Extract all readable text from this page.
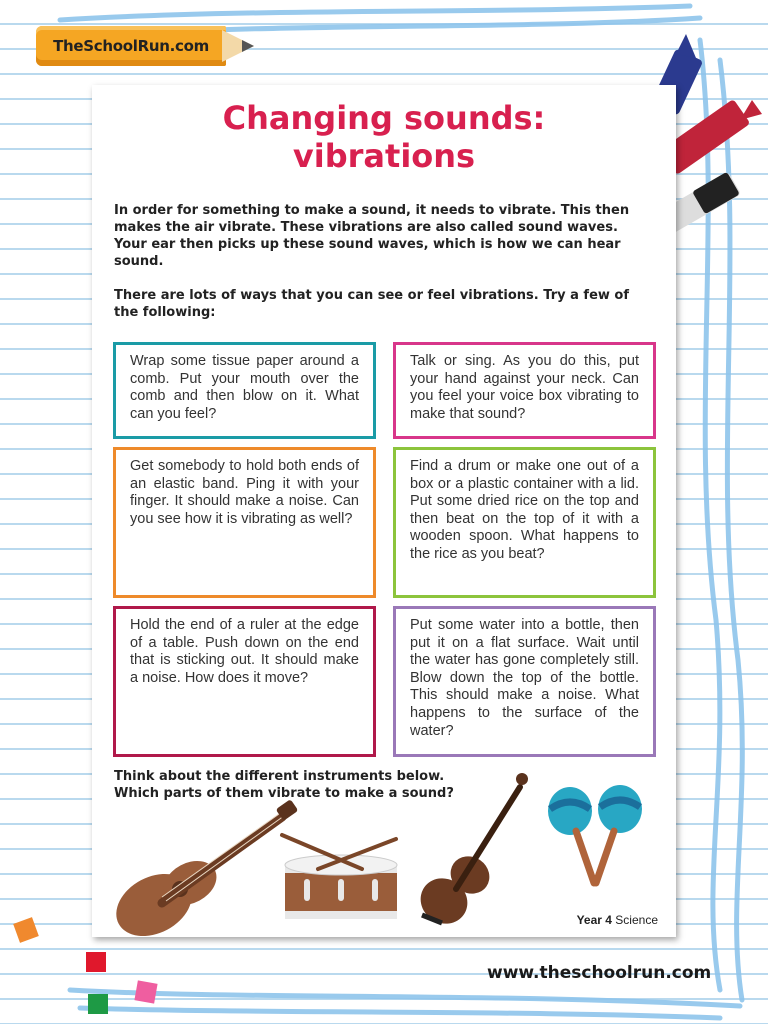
TheSchoolRun.com
Changing sounds:
vibrations

In order for something to make a sound, it needs to vibrate. This then makes the air vibrate. These vibrations are also called sound waves. Your ear then picks up these sound waves, which is how we can hear sound.

There are lots of ways that you can see or feel vibrations. Try a few of the following:

Wrap some tissue paper around a comb. Put your mouth over the comb and then blow on it. What can you feel?
Talk or sing. As you do this, put your hand against your neck. Can you feel your voice box vibrating to make that sound?
Get somebody to hold both ends of an elastic band. Ping it with your finger. It should make a noise. Can you see how it is vibrating as well?
Find a drum or make one out of a box or a plastic container with a lid. Put some dried rice on the top and then beat on the top of it with a wooden spoon. What happens to the rice as you beat?
Hold the end of a ruler at the edge of a table. Push down on the end that is sticking out. It should make a noise. How does it move?
Put some water into a bottle, then put it on a flat surface. Wait until the water has gone completely still. Blow down the top of the bottle. This should make a noise. What happens to the surface of the water?
Think about the different instruments below.
Which parts of them vibrate to make a sound?
Year 4 Science
www.theschoolrun.com
